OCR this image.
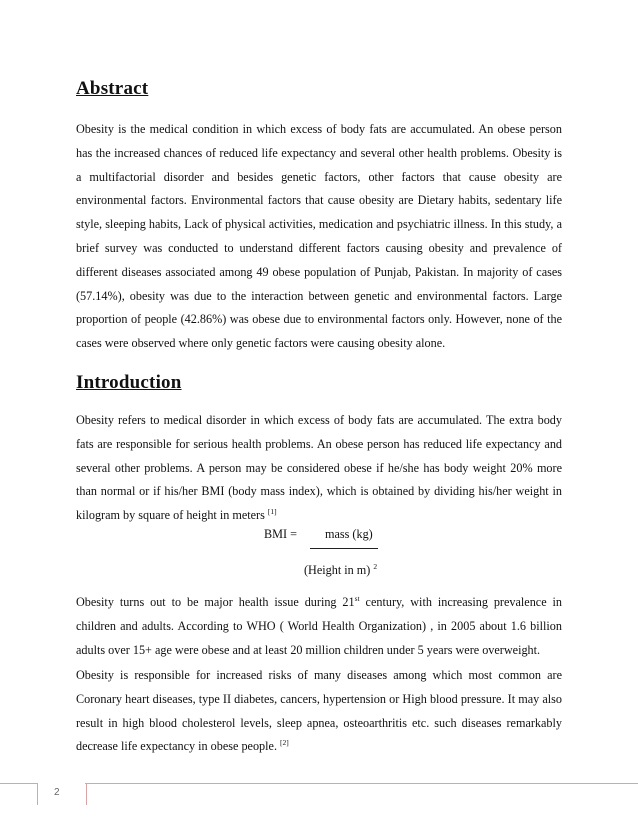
Abstract

Obesity is the medical condition in which excess of body fats are accumulated. An obese person has the increased chances of reduced life expectancy and several other health problems. Obesity is a multifactorial disorder and besides genetic factors, other factors that cause obesity are environmental factors. Environmental factors that cause obesity are Dietary habits, sedentary life style, sleeping habits, Lack of physical activities, medication and psychiatric illness. In this study, a brief survey was conducted to understand different factors causing obesity and prevalence of different diseases associated among 49 obese population of Punjab, Pakistan. In majority of cases (57.14%), obesity was due to the interaction between genetic and environmental factors. Large proportion of people (42.86%) was obese due to environmental factors only. However, none of the cases were observed where only genetic factors were causing obesity alone.

Introduction

Obesity refers to medical disorder in which excess of body fats are accumulated. The extra body fats are responsible for serious health problems. An obese person has reduced life expectancy and several other problems. A person may be considered obese if he/she has body weight 20% more than normal or if his/her BMI (body mass index), which is obtained by dividing his/her weight in kilogram by square of height in meters [1]

BMI = mass (kg)
(Height in m) $^2$

Obesity turns out to be major health issue during 21st century, with increasing prevalence in children and adults. According to WHO ( World Health Organization) , in 2005 about 1.6 billion adults over 15+ age were obese and at least 20 million children under 5 years were overweight.

Obesity is responsible for increased risks of many diseases among which most common are Coronary heart diseases, type II diabetes, cancers, hypertension or High blood pressure. It may also result in high blood cholesterol levels, sleep apnea, osteoarthritis etc. such diseases remarkably decrease life expectancy in obese people. [2]

2
